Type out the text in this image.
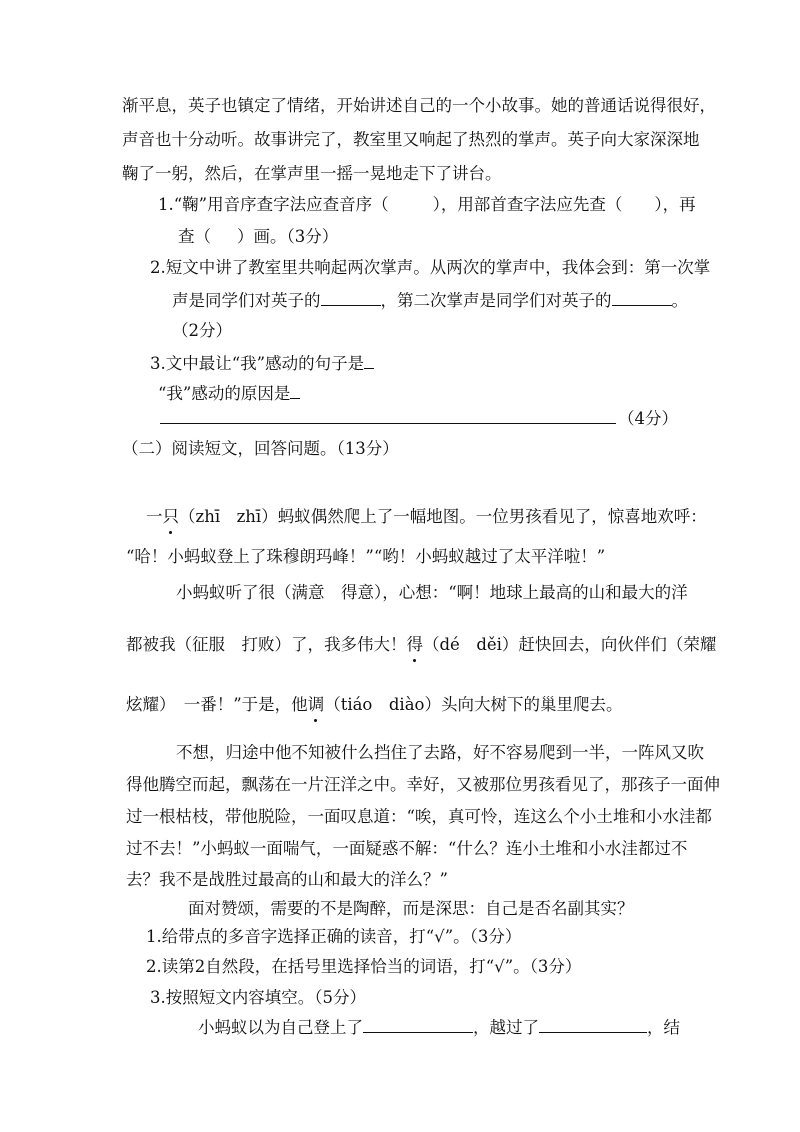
渐平息，英子也镇定了情绪，开始讲述自己的一个小故事。她的普通话说得很好，
声音也十分动听。故事讲完了，教室里又响起了热烈的掌声。英子向大家深深地
鞠了一躬，然后，在掌声里一摇一晃地走下了讲台。
1.“鞠”用音序查字法应查音序（	），用部首查字法应先查（ ），再
查（ ）画。（3分）
2.短文中讲了教室里共响起两次掌声。从两次的掌声中，我体会到：第一次掌
声是同学们对英子的	，第二次掌声是同学们对英子的	。
（2分）
3.文中最让“我”感动的句子是
“我”感动的原因是
（4分）
（二）阅读短文，回答问题。（13分）
一只（zhī　zhī）蚂蚁偶然爬上了一幅地图。一位男孩看见了，惊喜地欢呼：
“哈！小蚂蚁登上了珠穆朗玛峰！”“哟！小蚂蚁越过了太平洋啦！”
小蚂蚁听了很（满意　得意），心想：“啊！地球上最高的山和最大的洋
都被我（征服　打败）了，我多伟大！得（dé　děi）赶快回去，向伙伴们（荣耀
炫耀）　一番！”于是，他调（tiáo　diào）头向大树下的巢里爬去。
不想，归途中他不知被什么挡住了去路，好不容易爬到一半，一阵风又吹
得他腾空而起，飘荡在一片汪洋之中。幸好，又被那位男孩看见了，那孩子一面伸
过一根枯枝，带他脱险，一面叹息道：“唉，真可怜，连这么个小土堆和小水洼都
过不去！”小蚂蚁一面喘气，一面疑惑不解：“什么？连小土堆和小水洼都过不
去？我不是战胜过最高的山和最大的洋么？”
面对赞颂，需要的不是陶醉，而是深思：自己是否名副其实？
1.给带点的多音字选择正确的读音，打“√”。（3分）
2.读第2自然段，在括号里选择恰当的词语，打“√”。（3分）
3.按照短文内容填空。（5分）
小蚂蚁以为自己登上了	，越过了	，结
